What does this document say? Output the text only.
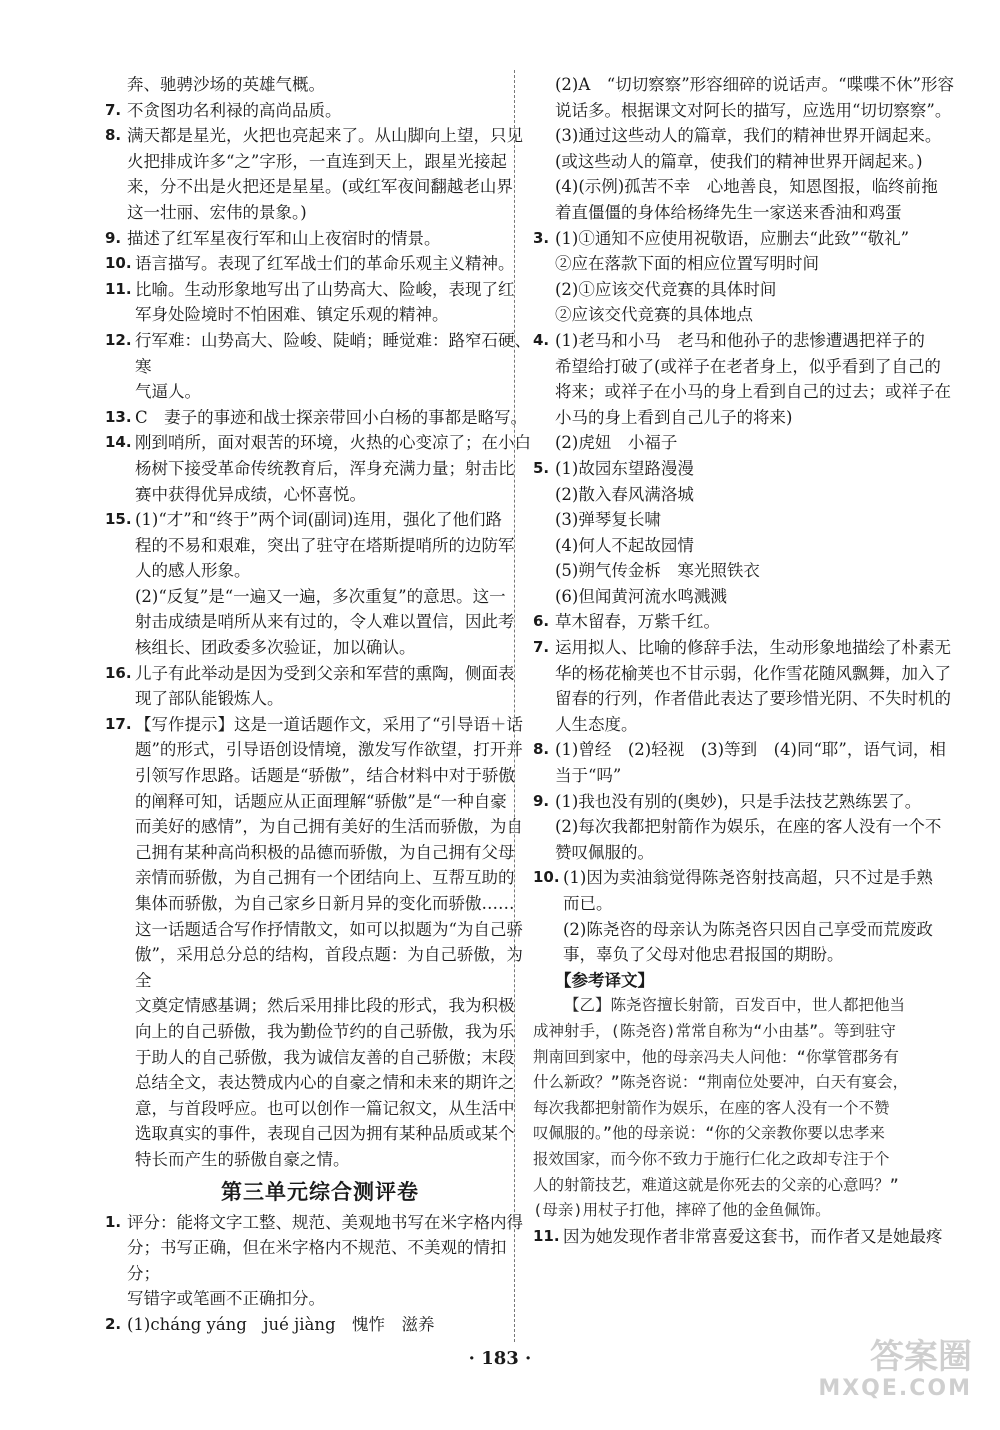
奔、驰骋沙场的英雄气概。
7. 不贪图功名利禄的高尚品质。
8. 满天都是星光，火把也亮起来了。从山脚向上望，只见
火把排成许多“之”字形，一直连到天上，跟星光接起
来，分不出是火把还是星星。(或红军夜间翻越老山界
这一壮丽、宏伟的景象。)
9. 描述了红军星夜行军和山上夜宿时的情景。
10. 语言描写。表现了红军战士们的革命乐观主义精神。
11. 比喻。生动形象地写出了山势高大、险峻，表现了红
军身处险境时不怕困难、镇定乐观的精神。
12. 行军难：山势高大、险峻、陡峭；睡觉难：路窄石硬、寒
气逼人。
13. C　妻子的事迹和战士探亲带回小白杨的事都是略写。
14. 刚到哨所，面对艰苦的环境，火热的心变凉了；在小白
杨树下接受革命传统教育后，浑身充满力量；射击比
赛中获得优异成绩，心怀喜悦。
15. (1)“才”和“终于”两个词(副词)连用，强化了他们路
程的不易和艰难，突出了驻守在塔斯提哨所的边防军
人的感人形象。
(2)“反复”是“一遍又一遍，多次重复”的意思。这一
射击成绩是哨所从来有过的，令人难以置信，因此考
核组长、团政委多次验证，加以确认。
16. 儿子有此举动是因为受到父亲和军营的熏陶，侧面表
现了部队能锻炼人。
17. 【写作提示】这是一道话题作文，采用了“引导语＋话
题”的形式，引导语创设情境，激发写作欲望，打开并
引领写作思路。话题是“骄傲”，结合材料中对于骄傲
的阐释可知，话题应从正面理解“骄傲”是“一种自豪
而美好的感情”，为自己拥有美好的生活而骄傲，为自
己拥有某种高尚积极的品德而骄傲，为自己拥有父母
亲情而骄傲，为自己拥有一个团结向上、互帮互助的
集体而骄傲，为自己家乡日新月异的变化而骄傲……
这一话题适合写作抒情散文，如可以拟题为“为自己骄
傲”，采用总分总的结构，首段点题：为自己骄傲，为全
文奠定情感基调；然后采用排比段的形式，我为积极
向上的自己骄傲，我为勤俭节约的自己骄傲，我为乐
于助人的自己骄傲，我为诚信友善的自己骄傲；末段
总结全文，表达赞成内心的自豪之情和未来的期许之
意，与首段呼应。也可以创作一篇记叙文，从生活中
选取真实的事件，表现自己因为拥有某种品质或某个
特长而产生的骄傲自豪之情。
第三单元综合测评卷
1. 评分：能将文字工整、规范、美观地书写在米字格内得
分；书写正确，但在米字格内不规范、不美观的情扣分；
写错字或笔画不正确扣分。
2. (1)cháng yáng　jué jiàng　愧怍　滋养
(2)A　“切切察察”形容细碎的说话声。“喋喋不休”形容
说话多。根据课文对阿长的描写，应选用“切切察察”。
(3)通过这些动人的篇章，我们的精神世界开阔起来。
(或这些动人的篇章，使我们的精神世界开阔起来。)
(4)(示例)孤苦不幸　心地善良，知恩图报，临终前拖
着直僵僵的身体给杨绛先生一家送来香油和鸡蛋
3. (1)①通知不应使用祝敬语，应删去“此致”“敬礼”
②应在落款下面的相应位置写明时间
(2)①应该交代竞赛的具体时间
②应该交代竞赛的具体地点
4. (1)老马和小马　老马和他孙子的悲惨遭遇把祥子的
希望给打破了(或祥子在老者身上，似乎看到了自己的
将来；或祥子在小马的身上看到自己的过去；或祥子在
小马的身上看到自己儿子的将来)
(2)虎妞　小福子
5. (1)故园东望路漫漫
(2)散入春风满洛城
(3)弹琴复长啸
(4)何人不起故园情
(5)朔气传金柝　寒光照铁衣
(6)但闻黄河流水鸣溅溅
6. 草木留春，万紫千红。
7. 运用拟人、比喻的修辞手法，生动形象地描绘了朴素无
华的杨花榆荚也不甘示弱，化作雪花随风飘舞，加入了
留春的行列，作者借此表达了要珍惜光阴、不失时机的
人生态度。
8. (1)曾经　(2)轻视　(3)等到　(4)同“耶”，语气词，相
当于“吗”
9. (1)我也没有别的(奥妙)，只是手法技艺熟练罢了。
(2)每次我都把射箭作为娱乐，在座的客人没有一个不
赞叹佩服的。
10. (1)因为卖油翁觉得陈尧咨射技高超，只不过是手熟
而已。
(2)陈尧咨的母亲认为陈尧咨只因自己享受而荒废政
事，辜负了父母对他忠君报国的期盼。
【参考译文】
【乙】陈尧咨擅长射箭，百发百中，世人都把他当
成神射手，(陈尧咨)常常自称为“小由基”。等到驻守
荆南回到家中，他的母亲冯夫人问他：“你掌管郡务有
什么新政？”陈尧咨说：“荆南位处要冲，白天有宴会，
每次我都把射箭作为娱乐，在座的客人没有一个不赞
叹佩服的。”他的母亲说：“你的父亲教你要以忠孝来
报效国家，而今你不致力于施行仁化之政却专注于个
人的射箭技艺，难道这就是你死去的父亲的心意吗？”
(母亲)用杖子打他，摔碎了他的金鱼佩饰。
11. 因为她发现作者非常喜爱这套书，而作者又是她最疼
· 183 ·	答案圈
MXQE.COM
